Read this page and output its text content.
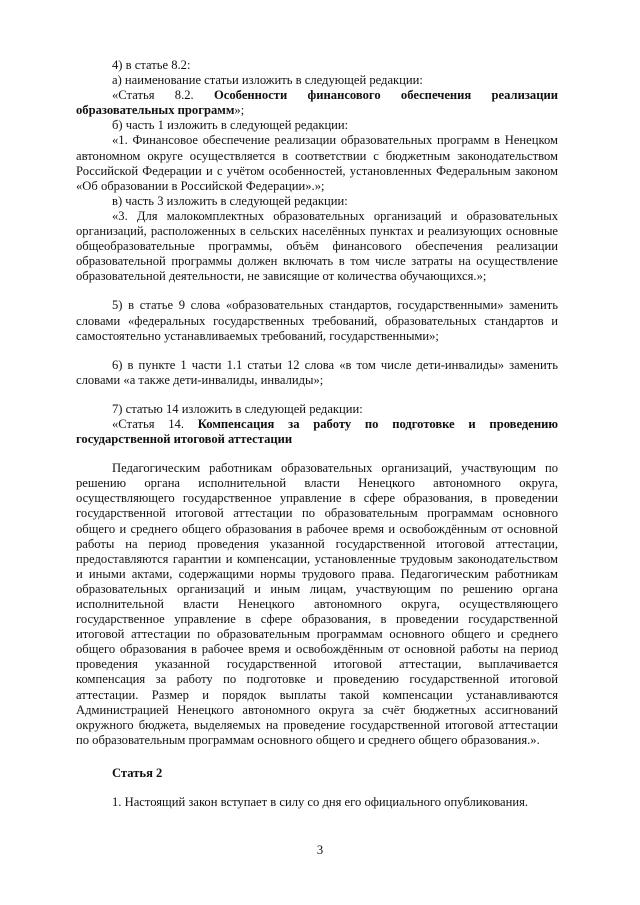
4) в статье 8.2:

а) наименование статьи изложить в следующей редакции:

«Статья 8.2. Особенности финансового обеспечения реализации образовательных программ»;

б) часть 1 изложить в следующей редакции:

«1. Финансовое обеспечение реализации образовательных программ в Ненецком автономном округе осуществляется в соответствии с бюджетным законодательством Российской Федерации и с учётом особенностей, установленных Федеральным законом «Об образовании в Российской Федерации».»;

в) часть 3 изложить в следующей редакции:

«3. Для малокомплектных образовательных организаций и образовательных организаций, расположенных в сельских населённых пунктах и реализующих основные общеобразовательные программы, объём финансового обеспечения реализации образовательной программы должен включать в том числе затраты на осуществление образовательной деятельности, не зависящие от количества обучающихся.»;

5) в статье 9 слова «образовательных стандартов, государственными» заменить словами «федеральных государственных требований, образовательных стандартов и самостоятельно устанавливаемых требований, государственными»;

6) в пункте 1 части 1.1 статьи 12 слова «в том числе дети-инвалиды» заменить словами «а также дети-инвалиды, инвалиды»;

7) статью 14 изложить в следующей редакции:

«Статья 14. Компенсация за работу по подготовке и проведению государственной итоговой аттестации

Педагогическим работникам образовательных организаций, участвующим по решению органа исполнительной власти Ненецкого автономного округа, осуществляющего государственное управление в сфере образования, в проведении государственной итоговой аттестации по образовательным программам основного общего и среднего общего образования в рабочее время и освобождённым от основной работы на период проведения указанной государственной итоговой аттестации, предоставляются гарантии и компенсации, установленные трудовым законодательством и иными актами, содержащими нормы трудового права. Педагогическим работникам образовательных организаций и иным лицам, участвующим по решению органа исполнительной власти Ненецкого автономного округа, осуществляющего государственное управление в сфере образования, в проведении государственной итоговой аттестации по образовательным программам основного общего и среднего общего образования в рабочее время и освобождённым от основной работы на период проведения указанной государственной итоговой аттестации, выплачивается компенсация за работу по подготовке и проведению государственной итоговой аттестации. Размер и порядок выплаты такой компенсации устанавливаются Администрацией Ненецкого автономного округа за счёт бюджетных ассигнований окружного бюджета, выделяемых на проведение государственной итоговой аттестации по образовательным программам основного общего и среднего общего образования.».

Статья 2

1. Настоящий закон вступает в силу со дня его официального опубликования.

3
